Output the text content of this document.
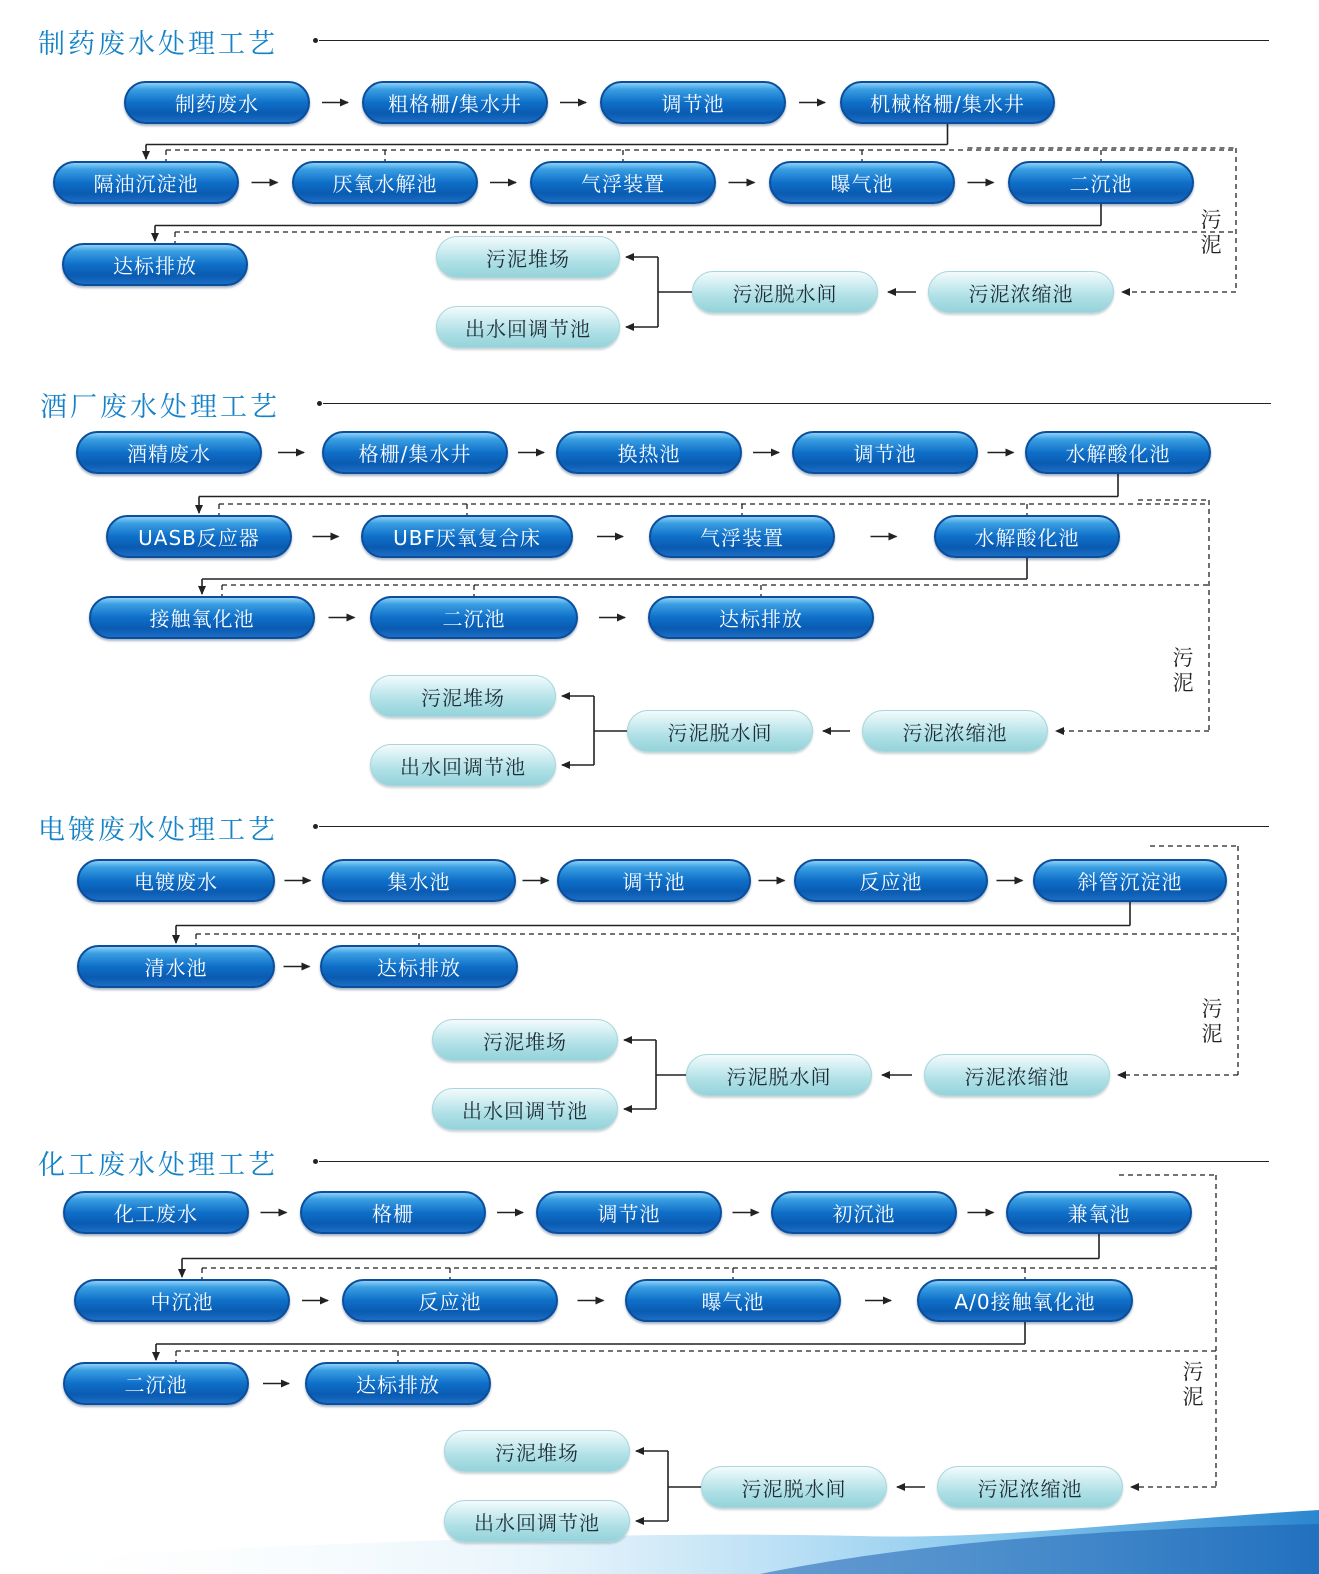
制药废水处理工艺
制药废水	粗格栅/集水井	调节池	机械格栅/集水井
隔油沉淀池	厌氧水解池	气浮装置	曝气池	二沉池
达标排放
污泥
污泥浓缩池
污泥脱水间
污泥堆场
出水回调节池
酒厂废水处理工艺
酒精废水	格栅/集水井	换热池	调节池	水解酸化池
UASB反应器	UBF厌氧复合床	气浮装置	水解酸化池
接触氧化池	二沉池	达标排放
污泥
污泥浓缩池
污泥脱水间
污泥堆场
出水回调节池
电镀废水处理工艺
电镀废水	集水池	调节池	反应池	斜管沉淀池
清水池	达标排放
污泥
污泥浓缩池
污泥脱水间
污泥堆场
出水回调节池
化工废水处理工艺
化工废水	格栅	调节池	初沉池	兼氧池
中沉池	反应池	曝气池	A/0接触氧化池
二沉池	达标排放
污泥
污泥浓缩池
污泥脱水间
污泥堆场
出水回调节池
